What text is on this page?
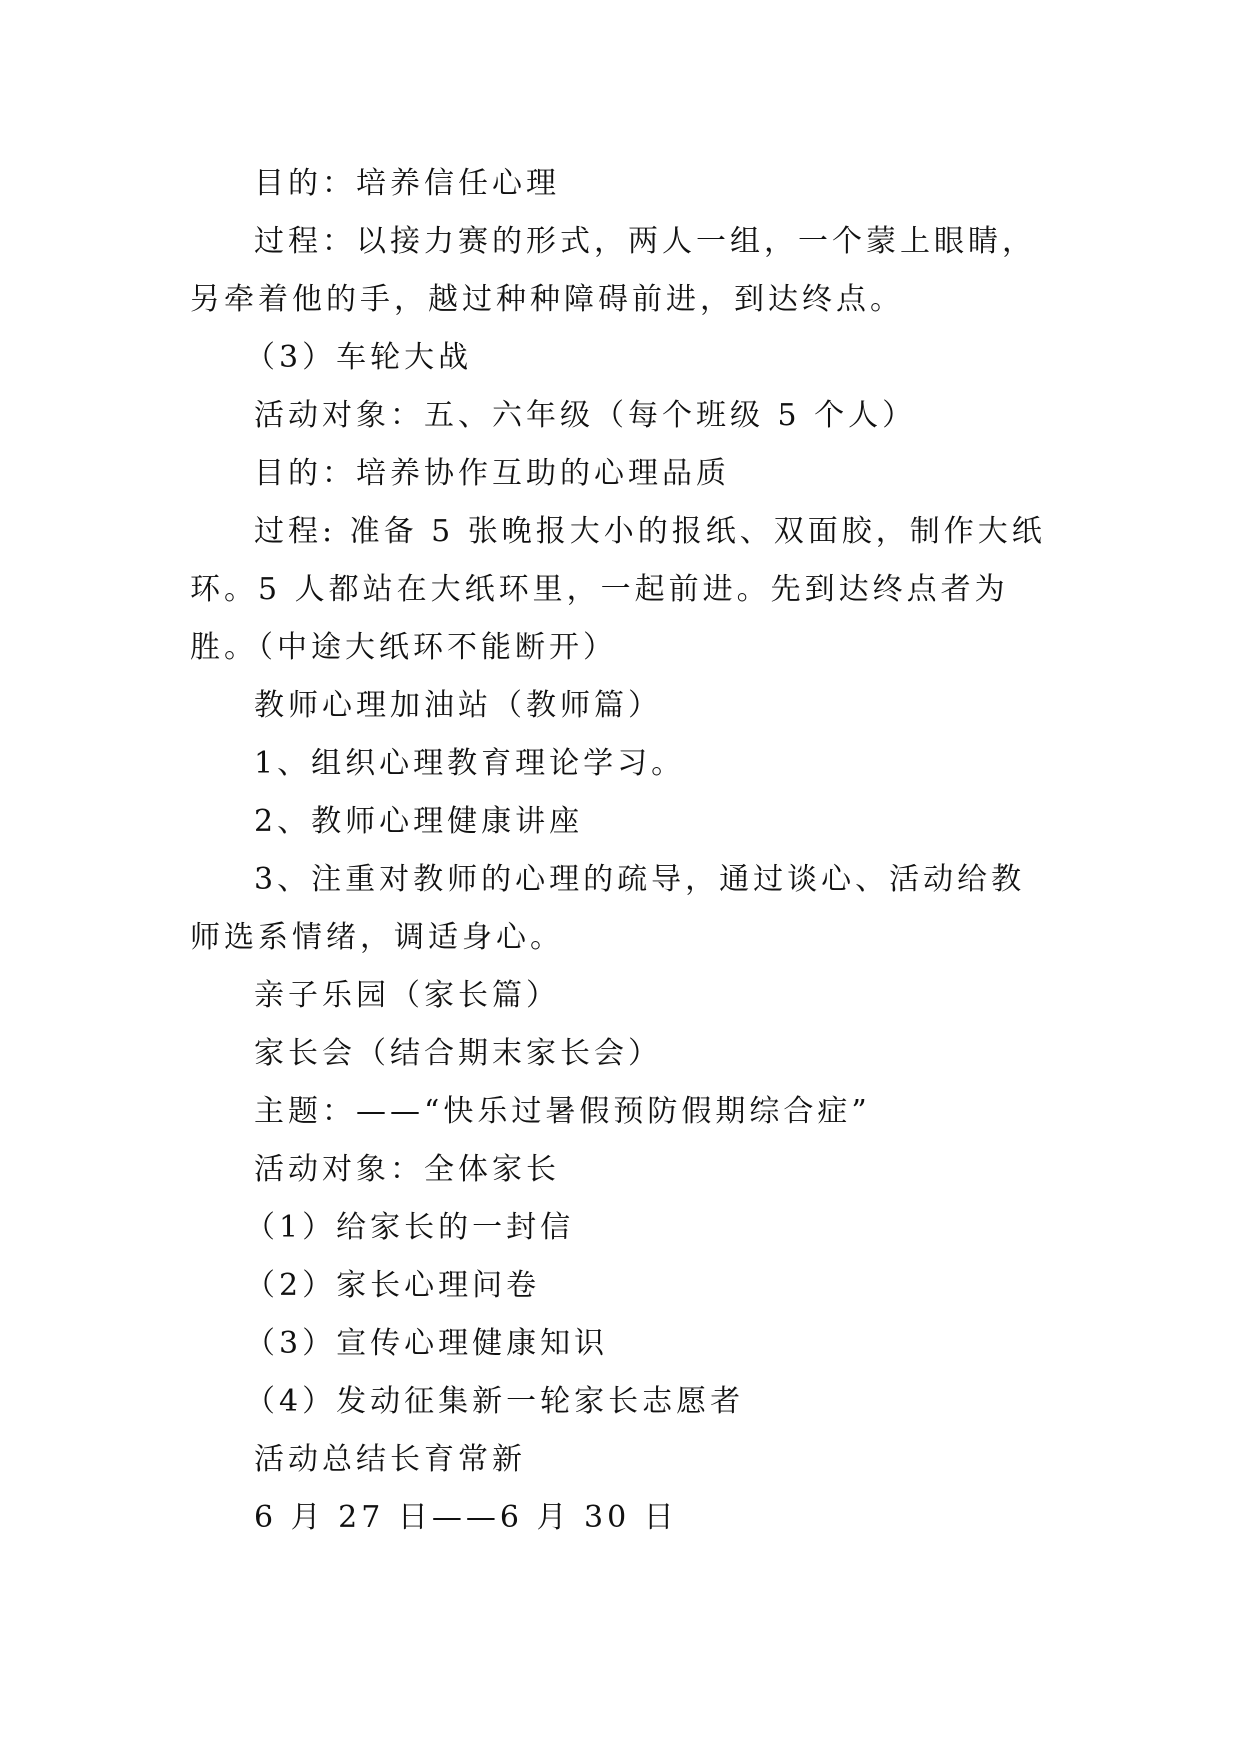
目的：培养信任心理

过程：以接力赛的形式，两人一组，一个蒙上眼睛，另牵着他的手，越过种种障碍前进，到达终点。

（3）车轮大战

活动对象：五、六年级（每个班级 5 个人）

目的：培养协作互助的心理品质

过程: 准备 5 张晚报大小的报纸、双面胶，制作大纸环。5 人都站在大纸环里，一起前进。先到达终点者为胜。（中途大纸环不能断开）

教师心理加油站（教师篇）

1、组织心理教育理论学习。

2、教师心理健康讲座

3、注重对教师的心理的疏导，通过谈心、活动给教师选系情绪，调适身心。

亲子乐园（家长篇）

家长会（结合期末家长会）

主题：——“快乐过暑假预防假期综合症”

活动对象：全体家长

（1）给家长的一封信

（2）家长心理问卷

（3）宣传心理健康知识

（4）发动征集新一轮家长志愿者

活动总结长育常新

6 月 27 日——6 月 30 日
